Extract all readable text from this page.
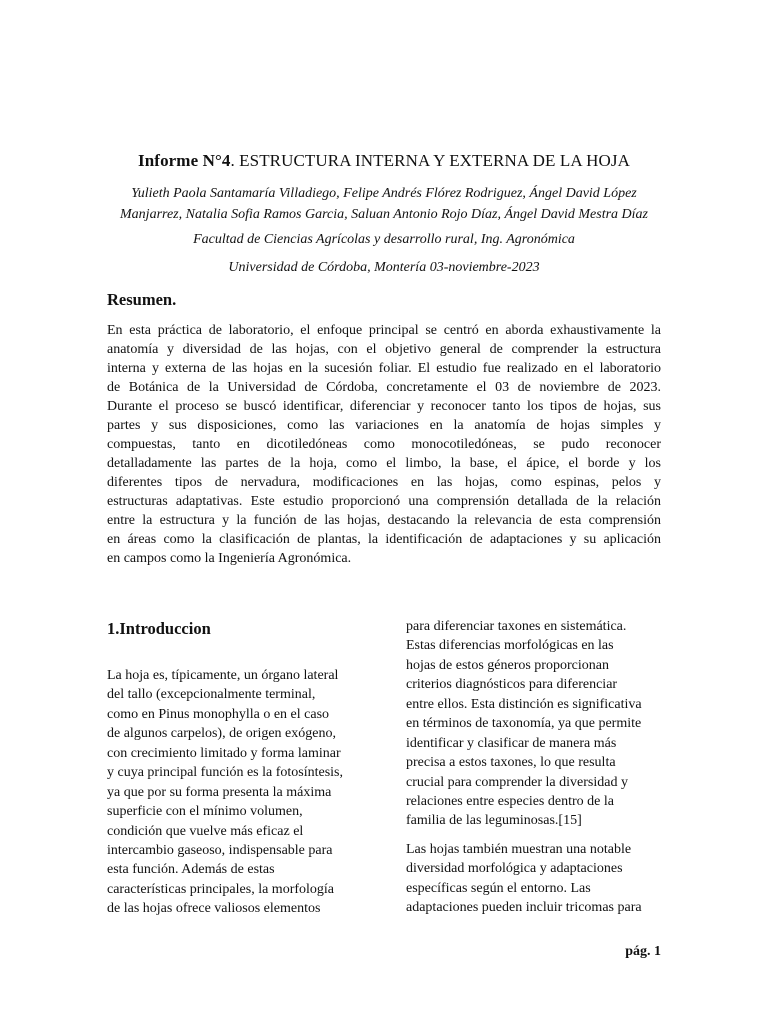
Informe N°4. ESTRUCTURA INTERNA Y EXTERNA DE LA HOJA
Yulieth Paola Santamaría Villadiego, Felipe Andrés Flórez Rodriguez, Ángel David López
Manjarrez, Natalia Sofia Ramos Garcia, Saluan Antonio Rojo Díaz, Ángel David Mestra Díaz
Facultad de Ciencias Agrícolas y desarrollo rural, Ing. Agronómica
Universidad de Córdoba, Montería 03-noviembre-2023
Resumen.
En esta práctica de laboratorio, el enfoque principal se centró en aborda exhaustivamente la
anatomía y diversidad de las hojas, con el objetivo general de comprender la estructura
interna y externa de las hojas en la sucesión foliar. El estudio fue realizado en el laboratorio
de Botánica de la Universidad de Córdoba, concretamente el 03 de noviembre de 2023.
Durante el proceso se buscó identificar, diferenciar y reconocer tanto los tipos de hojas, sus
partes y sus disposiciones, como las variaciones en la anatomía de hojas simples y
compuestas, tanto en dicotiledóneas como monocotiledóneas, se pudo reconocer
detalladamente las partes de la hoja, como el limbo, la base, el ápice, el borde y los
diferentes tipos de nervadura, modificaciones en las hojas, como espinas, pelos y
estructuras adaptativas. Este estudio proporcionó una comprensión detallada de la relación
entre la estructura y la función de las hojas, destacando la relevancia de esta comprensión
en áreas como la clasificación de plantas, la identificación de adaptaciones y su aplicación
en campos como la Ingeniería Agronómica.
1.Introduccion
La hoja es, típicamente, un órgano lateral
del tallo (excepcionalmente terminal,
como en Pinus monophylla o en el caso
de algunos carpelos), de origen exógeno,
con crecimiento limitado y forma laminar
y cuya principal función es la fotosíntesis,
ya que por su forma presenta la máxima
superficie con el mínimo volumen,
condición que vuelve más eficaz el
intercambio gaseoso, indispensable para
esta función. Además de estas
características principales, la morfología
de las hojas ofrece valiosos elementos
para diferenciar taxones en sistemática.
Estas diferencias morfológicas en las
hojas de estos géneros proporcionan
criterios diagnósticos para diferenciar
entre ellos. Esta distinción es significativa
en términos de taxonomía, ya que permite
identificar y clasificar de manera más
precisa a estos taxones, lo que resulta
crucial para comprender la diversidad y
relaciones entre especies dentro de la
familia de las leguminosas.[15]
Las hojas también muestran una notable
diversidad morfológica y adaptaciones
específicas según el entorno. Las
adaptaciones pueden incluir tricomas para
pág. 1
